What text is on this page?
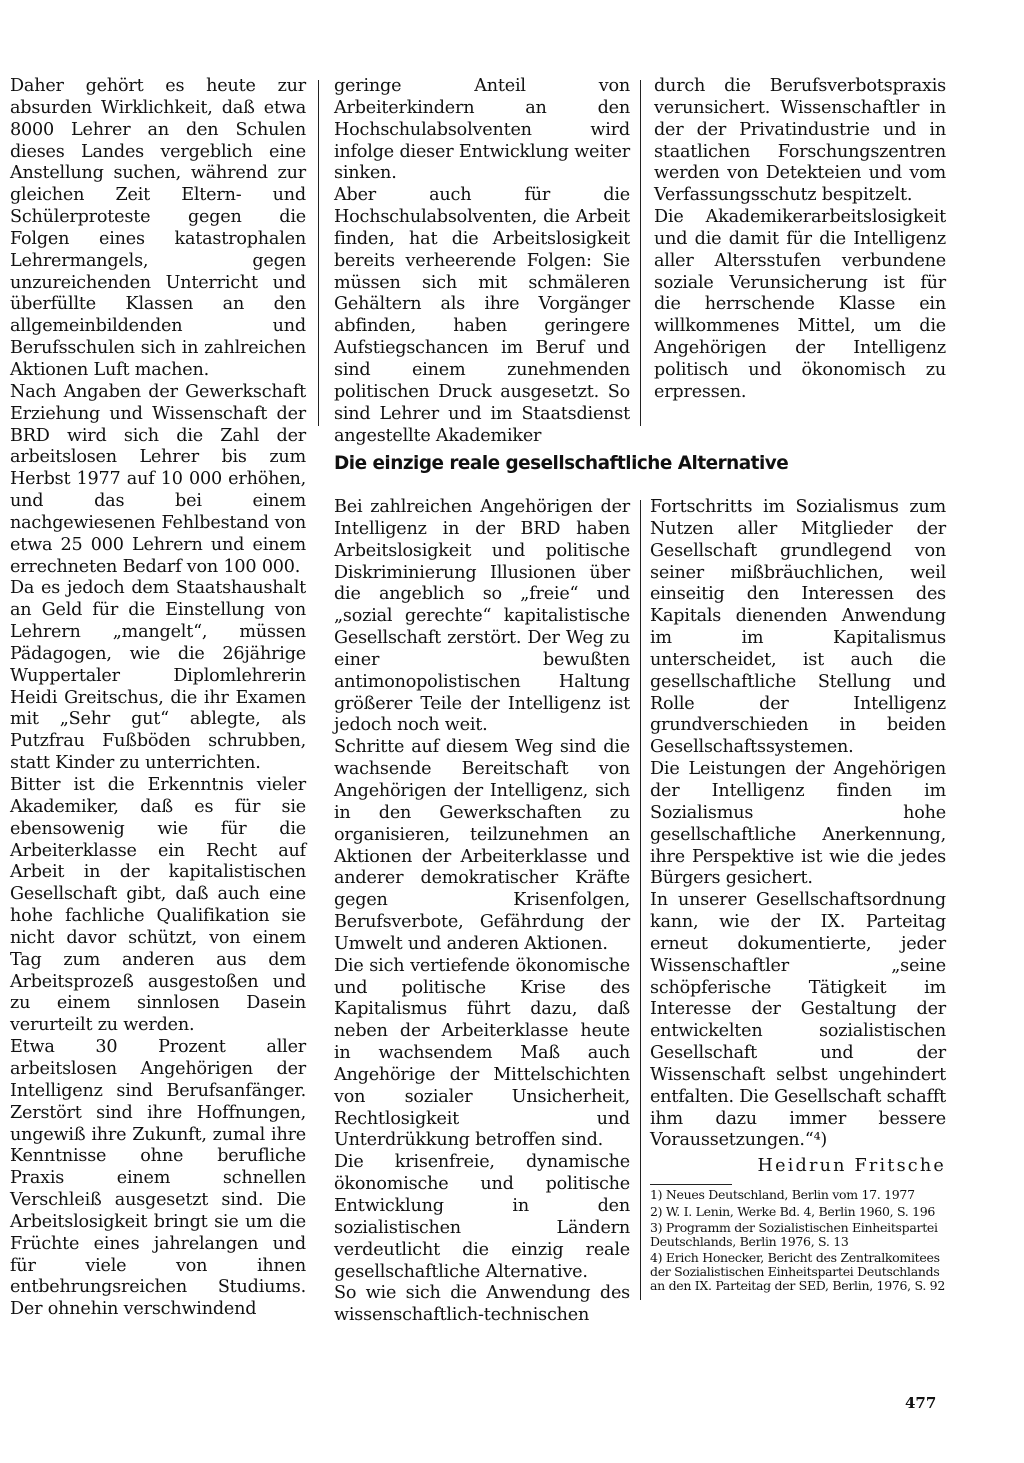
Daher gehört es heute zur absurden Wirklichkeit, daß etwa 8000 Lehrer an den Schulen dieses Landes vergeblich eine Anstellung suchen, während zur gleichen Zeit Eltern- und Schülerproteste gegen die Folgen eines katastrophalen Lehrermangels, gegen unzureichenden Unterricht und überfüllte Klassen an den allgemeinbildenden und Berufsschulen sich in zahlreichen Aktionen Luft machen.

Nach Angaben der Gewerkschaft Erziehung und Wissenschaft der BRD wird sich die Zahl der arbeitslosen Lehrer bis zum Herbst 1977 auf 10 000 erhöhen, und das bei einem nachgewiesenen Fehlbestand von etwa 25 000 Lehrern und einem errechneten Bedarf von 100 000.

Da es jedoch dem Staatshaushalt an Geld für die Einstellung von Lehrern „mangelt“, müssen Pädagogen, wie die 26jährige Wuppertaler Diplomlehrerin Heidi Greitschus, die ihr Examen mit „Sehr gut“ ablegte, als Putzfrau Fußböden schrubben, statt Kinder zu unterrichten.

Bitter ist die Erkenntnis vieler Akademiker, daß es für sie ebensowenig wie für die Arbeiterklasse ein Recht auf Arbeit in der kapitalistischen Gesellschaft gibt, daß auch eine hohe fachliche Qualifikation sie nicht davor schützt, von einem Tag zum anderen aus dem Arbeitsprozeß ausgestoßen und zu einem sinnlosen Dasein verurteilt zu werden.

Etwa 30 Prozent aller arbeitslosen Angehörigen der Intelligenz sind Berufsanfänger. Zerstört sind ihre Hoffnungen, ungewiß ihre Zukunft, zumal ihre Kenntnisse ohne berufliche Praxis einem schnellen Verschleiß ausgesetzt sind. Die Arbeitslosigkeit bringt sie um die Früchte eines jahrelangen und für viele von ihnen entbehrungsreichen Studiums. Der ohnehin verschwindend

geringe Anteil von Arbeiterkindern an den Hochschulabsolventen wird infolge dieser Entwicklung weiter sinken.

Aber auch für die Hochschulabsolventen, die Arbeit finden, hat die Arbeitslosigkeit bereits verheerende Folgen: Sie müssen sich mit schmäleren Gehältern als ihre Vorgänger abfinden, haben geringere Aufstiegschancen im Beruf und sind einem zunehmenden politischen Druck ausgesetzt. So sind Lehrer und im Staatsdienst angestellte Akademiker

durch die Berufsverbotspraxis verunsichert. Wissenschaftler in der der Privatindustrie und in staatlichen Forschungszentren werden von Detekteien und vom Verfassungsschutz bespitzelt.

Die Akademikerarbeitslosigkeit und die damit für die Intelligenz aller Altersstufen verbundene soziale Verunsicherung ist für die herrschende Klasse ein willkommenes Mittel, um die Angehörigen der Intelligenz politisch und ökonomisch zu erpressen.

Die einzige reale gesellschaftliche Alternative

Bei zahlreichen Angehörigen der Intelligenz in der BRD haben Arbeitslosigkeit und politische Diskriminierung Illusionen über die angeblich so „freie“ und „sozial gerechte“ kapitalistische Gesellschaft zerstört. Der Weg zu einer bewußten antimonopolistischen Haltung größerer Teile der Intelligenz ist jedoch noch weit.

Schritte auf diesem Weg sind die wachsende Bereitschaft von Angehörigen der Intelligenz, sich in den Gewerkschaften zu organisieren, teilzunehmen an Aktionen der Arbeiterklasse und anderer demokratischer Kräfte gegen Krisenfolgen, Berufsverbote, Gefährdung der Umwelt und anderen Aktionen.

Die sich vertiefende ökonomische und politische Krise des Kapitalismus führt dazu, daß neben der Arbeiterklasse heute in wachsendem Maß auch Angehörige der Mittelschichten von sozialer Unsicherheit, Rechtlosigkeit und Unterdrükkung betroffen sind.

Die krisenfreie, dynamische ökonomische und politische Entwicklung in den sozialistischen Ländern verdeutlicht die einzig reale gesellschaftliche Alternative.

So wie sich die Anwendung des wissenschaftlich-technischen

Fortschritts im Sozialismus zum Nutzen aller Mitglieder der Gesellschaft grundlegend von seiner mißbräuchlichen, weil einseitig den Interessen des Kapitals dienenden Anwendung im im Kapitalismus unterscheidet, ist auch die gesellschaftliche Stellung und Rolle der Intelligenz grundverschieden in beiden Gesellschaftssystemen.

Die Leistungen der Angehörigen der Intelligenz finden im Sozialismus hohe gesellschaftliche Anerkennung, ihre Perspektive ist wie die jedes Bürgers gesichert.

In unserer Gesellschaftsordnung kann, wie der IX. Parteitag erneut dokumentierte, jeder Wissenschaftler „seine schöpferische Tätigkeit im Interesse der Gestaltung der entwickelten sozialistischen Gesellschaft und der Wissenschaft selbst ungehindert entfalten. Die Gesellschaft schafft ihm dazu immer bessere Voraussetzungen.“⁴)

Heidrun Fritsche

1) Neues Deutschland, Berlin vom 17. 1977

2) W. I. Lenin, Werke Bd. 4, Berlin 1960, S. 196

3) Programm der Sozialistischen Einheitspartei Deutschlands, Berlin 1976, S. 13

4) Erich Honecker, Bericht des Zentralkomitees der Sozialistischen Einheitspartei Deutschlands an den IX. Parteitag der SED, Berlin, 1976, S. 92

477
